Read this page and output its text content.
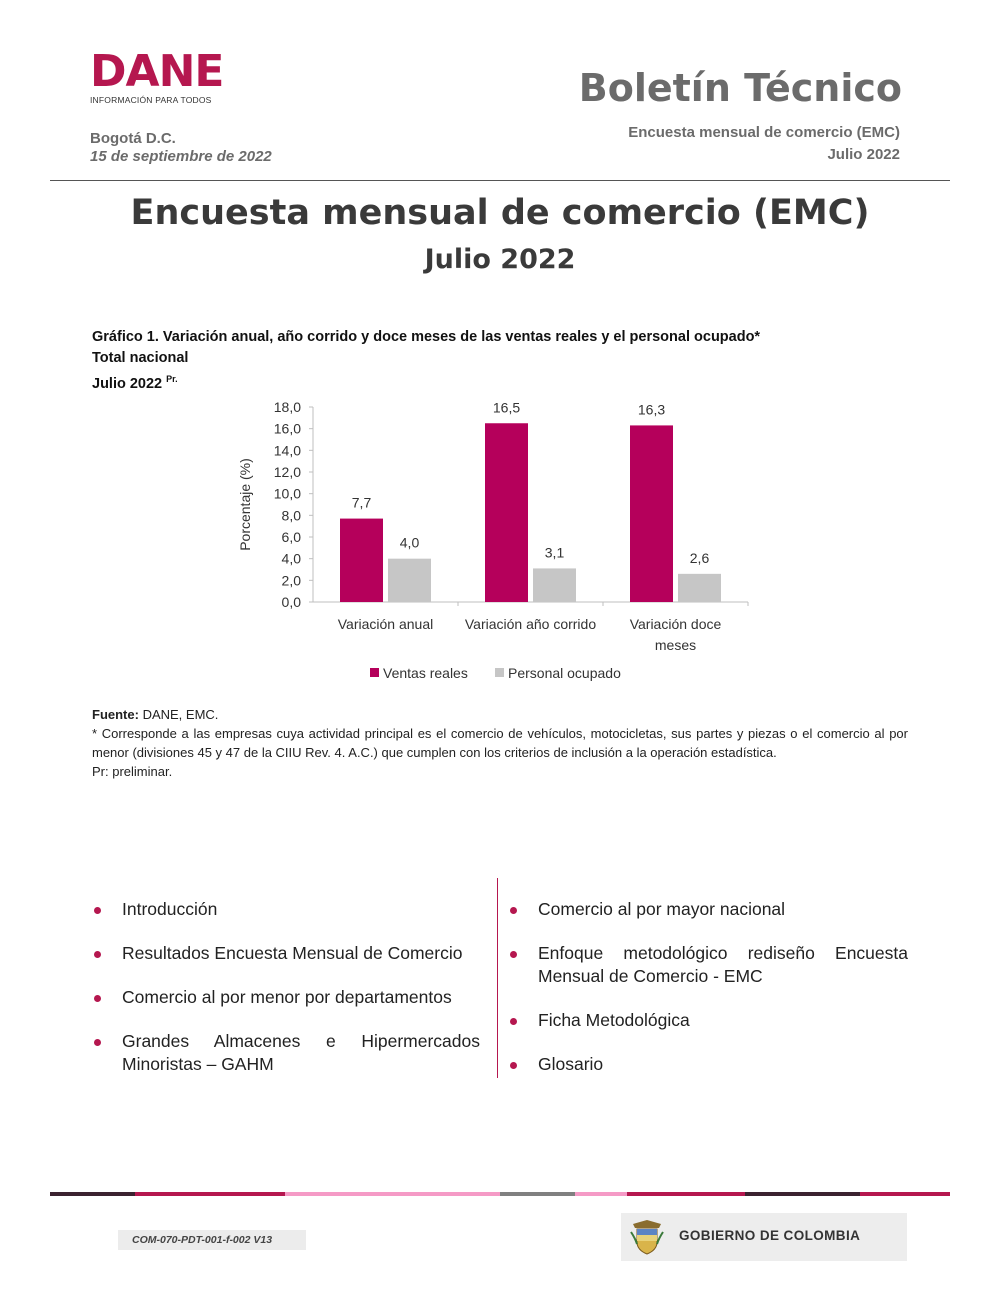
DANE
INFORMACIÓN PARA TODOS	Boletín Técnico
Bogotá D.C.
15 de septiembre de 2022
Encuesta mensual de comercio (EMC)
Julio 2022
Encuesta mensual de comercio (EMC)
Julio 2022
Gráfico 1. Variación anual, año corrido y doce meses de las ventas reales y el personal ocupado*
Total nacional
Julio 2022 $^{Pr.}$
0,0
2,0
4,0
6,0
8,0
10,0
12,0
14,0
16,0
18,0
Porcentaje (%)	7,7
4,0
Variación anual
16,5
3,1
Variación año corrido
16,3
2,6
Variación doce
meses
Ventas reales	Personal ocupado
Fuente: DANE, EMC.
* Corresponde a las empresas cuya actividad principal es el comercio de vehículos, motocicletas, sus partes y piezas o el comercio al por menor (divisiones 45 y 47 de la CIIU Rev. 4. A.C.) que cumplen con los criterios de inclusión a la operación estadística.
Pr: preliminar.
Introducción
Resultados Encuesta Mensual de Comercio
Comercio al por menor por departamentos
Grandes Almacenes e Hipermercados Minoristas – GAHM
Comercio al por mayor nacional
Enfoque metodológico rediseño Encuesta Mensual de Comercio - EMC
Ficha Metodológica
Glosario
COM-070-PDT-001-f-002 V13	GOBIERNO DE COLOMBIA
